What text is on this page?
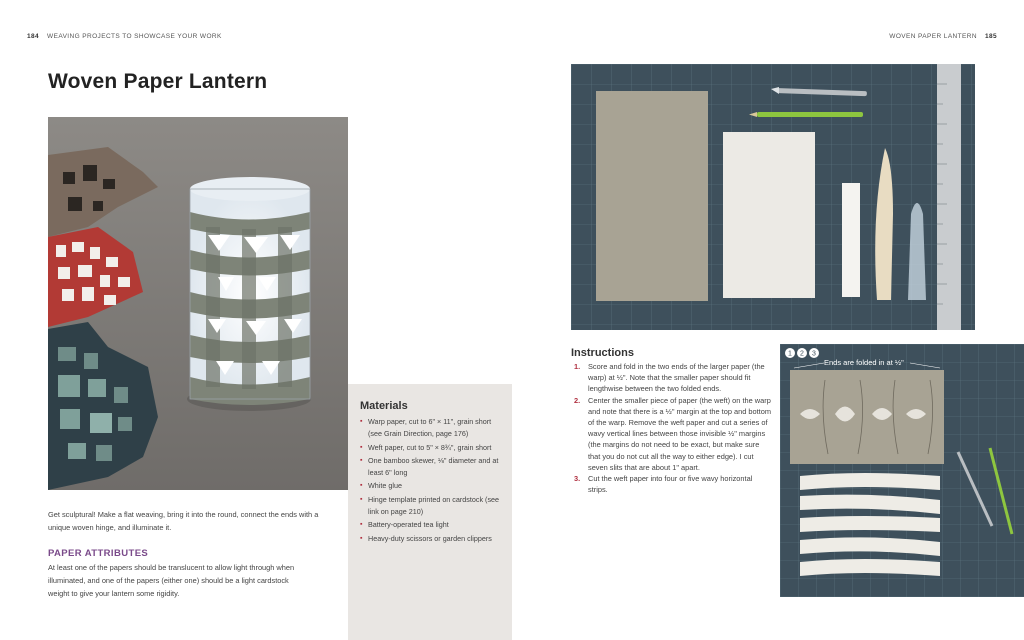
184 WEAVING PROJECTS TO SHOWCASE YOUR WORK	WOVEN PAPER LANTERN 185
Woven Paper Lantern
Materials
▪ Warp paper, cut to 6" × 11", grain short (see Grain Direction, page 176)
▪ Weft paper, cut to 5" × 8¾", grain short
▪ One bamboo skewer, ⅛" diameter and at least 6" long
▪ White glue
▪ Hinge template printed on cardstock (see link on page 210)
▪ Battery-operated tea light
▪ Heavy-duty scissors or garden clippers

Get sculptural! Make a flat weaving, bring it into the round, connect the ends with a unique woven hinge, and illuminate it.

PAPER ATTRIBUTES

At least one of the papers should be translucent to allow light through when illuminated, and one of the papers (either one) should be a light cardstock weight to give your lantern some rigidity.

Instructions
1. Score and fold in the two ends of the larger paper (the warp) at ½". Note that the smaller paper should fit lengthwise between the two folded ends.
2. Center the smaller piece of paper (the weft) on the warp and note that there is a ½" margin at the top and bottom of the warp. Remove the weft paper and cut a series of wavy vertical lines between those invisible ½" margins (the margins do not need to be exact, but make sure that you do not cut all the way to either edge). I cut seven slits that are about 1" apart.
3. Cut the weft paper into four or five wavy horizontal strips.
1 2 3
Ends are folded in at ½"
